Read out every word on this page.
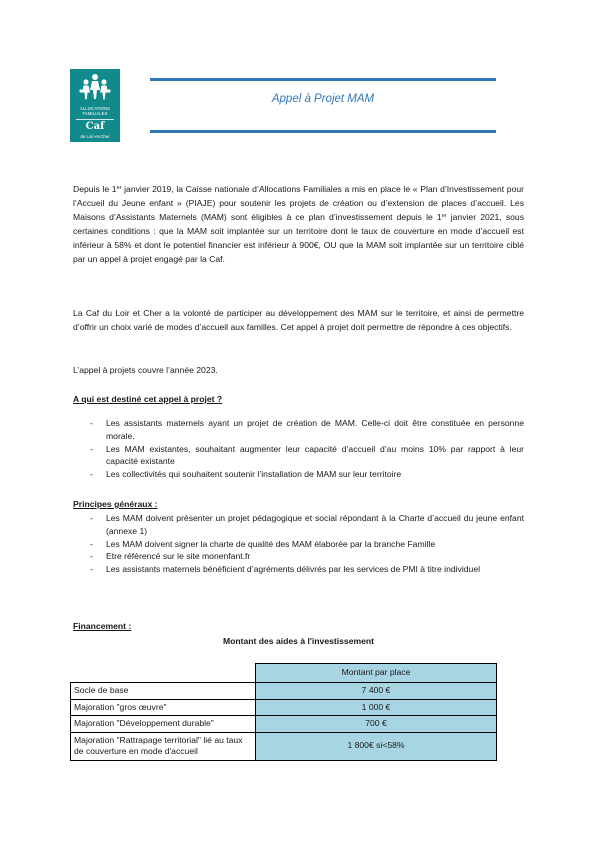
ALLOCATIONS
FAMILIALES
Caf
de Loir-et-Cher
Appel à Projet MAM

Depuis le 1er janvier 2019, la Caisse nationale d’Allocations Familiales a mis en place le « Plan d’Investissement pour l’Accueil du Jeune enfant » (PIAJE) pour soutenir les projets de création ou d’extension de places d’accueil. Les Maisons d’Assistants Maternels (MAM) sont éligibles à ce plan d’investissement depuis le 1er janvier 2021, sous certaines conditions : que la MAM soit implantée sur un territoire dont le taux de couverture en mode d’accueil est inférieur à 58% et dont le potentiel financier est inférieur à 900€, OU que la MAM soit implantée sur un territoire ciblé par un appel à projet engagé par la Caf.

La Caf du Loir et Cher a la volonté de participer au développement des MAM sur le territoire, et ainsi de permettre d’offrir un choix varié de modes d’accueil aux familles. Cet appel à projet doit permettre de répondre à ces objectifs.

L’appel à projets couvre l’année 2023.

A qui est destiné cet appel à projet ?

- Les assistants maternels ayant un projet de création de MAM. Celle-ci doit être constituée en personne morale.
- Les MAM existantes, souhaitant augmenter leur capacité d’accueil d’au moins 10% par rapport à leur capacité existante
- Les collectivités qui souhaitent soutenir l’installation de MAM sur leur territoire

Principes généraux :

- Les MAM doivent présenter un projet pédagogique et social répondant à la Charte d’accueil du jeune enfant (annexe 1)
- Les MAM doivent signer la charte de qualité des MAM élaborée par la branche Famille
- Etre référencé sur le site monenfant.fr
- Les assistants maternels bénéficient d’agréments délivrés par les services de PMI à titre individuel

Financement :

Montant des aides à l'investissement
	Montant par place
Socle de base	7 400 €
Majoration "gros œuvre"	1 000 €
Majoration "Développement durable"	700 €
Majoration "Rattrapage territorial" lié au taux de couverture en mode d'accueil	1 800€ si<58%
